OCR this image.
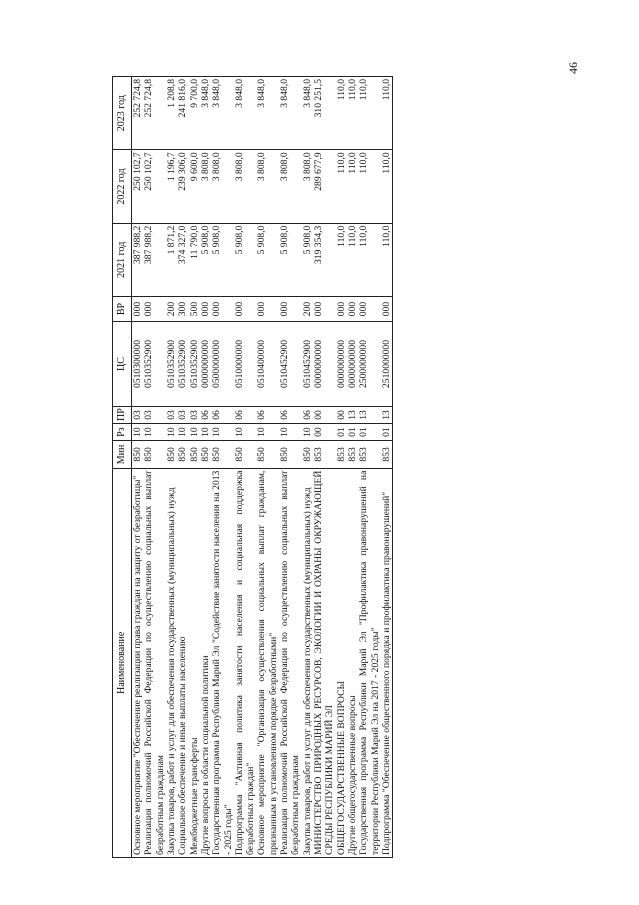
46
Наименование	Мин	Рз	ПР	ЦС	ВР	2021 год	2022 год	2023 год
Основное мероприятие "Обеспечение реализации права граждан на защиту от безработицы"	850	10	03	0510300000	000	387 988,2	250 102,7	252 724,8
Реализация полномочий Российской Федерации по осуществлению социальных выплат безработным гражданам	850	10	03	0510352900	000	387 988,2	250 102,7	252 724,8
Закупка товаров, работ и услуг для обеспечения государственных (муниципальных) нужд	850	10	03	0510352900	200	1 871,2	1 196,7	1 208,8
Социальное обеспечение и иные выплаты населению	850	10	03	0510352900	300	374 327,0	239 306,0	241 816,0
Межбюджетные трансферты	850	10	03	0510352900	500	11 790,0	9 600,0	9 700,0
Другие вопросы в области социальной политики	850	10	06	0000000000	000	5 908,0	3 808,0	3 848,0
Государственная программа Республики Марий Эл "Содействие занятости населения на 2013 - 2025 годы"	850	10	06	0500000000	000	5 908,0	3 808,0	3 848,0
Подпрограмма "Активная политика занятости населения и социальная поддержка безработных граждан"	850	10	06	0510000000	000	5 908,0	3 808,0	3 848,0
Основное мероприятие "Организация осуществления социальных выплат гражданам, признанным в установленном порядке безработными"	850	10	06	0510400000	000	5 908,0	3 808,0	3 848,0
Реализация полномочий Российской Федерации по осуществлению социальных выплат безработным гражданам	850	10	06	0510452900	000	5 908,0	3 808,0	3 848,0
Закупка товаров, работ и услуг для обеспечения государственных (муниципальных) нужд	850	10	06	0510452900	200	5 908,0	3 808,0	3 848,0
МИНИСТЕРСТВО ПРИРОДНЫХ РЕСУРСОВ, ЭКОЛОГИИ И ОХРАНЫ ОКРУЖАЮЩЕЙ СРЕДЫ РЕСПУБЛИКИ МАРИЙ ЭЛ	853	00	00	0000000000	000	319 354,3	289 677,9	310 251,5
ОБЩЕГОСУДАРСТВЕННЫЕ ВОПРОСЫ	853	01	00	0000000000	000	110,0	110,0	110,0
Другие общегосударственные вопросы	853	01	13	0000000000	000	110,0	110,0	110,0
Государственная программа Республики Марий Эл "Профилактика правонарушений на территории Республики Марий Эл на 2017 - 2025 годы"	853	01	13	2500000000	000	110,0	110,0	110,0
Подпрограмма "Обеспечение общественного порядка и профилактика правонарушений"	853	01	13	2510000000	000	110,0	110,0	110,0
